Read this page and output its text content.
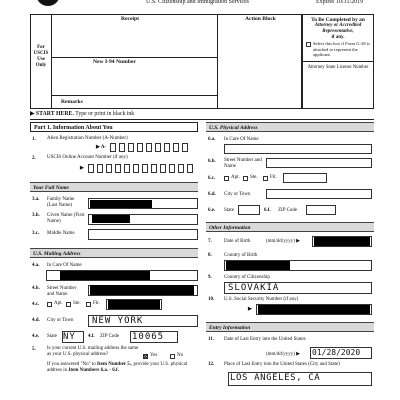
U.S. Citizenship and Immigration Services	Expires 10/31/2019
For
USCIS
Use
Only
Receipt	Action Block
New I-94 Number
Remarks
To Be Completed by an
Attorney or Accredited Representative,
if any.
Select this box if Form G-28 is attached to represent the applicant.
Attorney State License Number
▶ START HERE. Type or print in black ink
Part 1. Information About You
1. Alien Registration Number (A-Number)
▶ A-
2. USCIS Online Account Number (if any)
▶
Your Full Name
3.a. Family Name (Last Name)
3.b. Given Name (First Name)
3.c. Middle Name
U.S. Mailing Address
4.a. In Care Of Name
4.b. Street Number and Name
4.c.	Apt. Ste. Flr.
4.d. City or Town NEW YORK
4.e. State NY 4.f. ZIP Code 10065
5. Is your current U.S. mailing address the same as your U.S. physical address?	Yes	No
If you answered "No" to Item Number 5., provide your U.S. physical address in Item Numbers 6.a. - 6.f.
U.S. Physical Address
6.a. In Care Of Name
6.b. Street Number and Name
6.c.	Apt. Ste. Flr.
6.d. City or Town
6.e. State	6.f. ZIP Code
Other Information
7. Date of Birth	(mm/dd/yyyy) ▶
8. Country of Birth
9. Country of Citizenship
SLOVAKIA
10. U.S. Social Security Number (if any)
▶
Entry Information
11. Date of Last Entry into the United States
(mm/dd/yyyy) ▶ 01/28/2020
12. Place of Last Entry into the United States (City and State)
LOS ANGELES, CA
